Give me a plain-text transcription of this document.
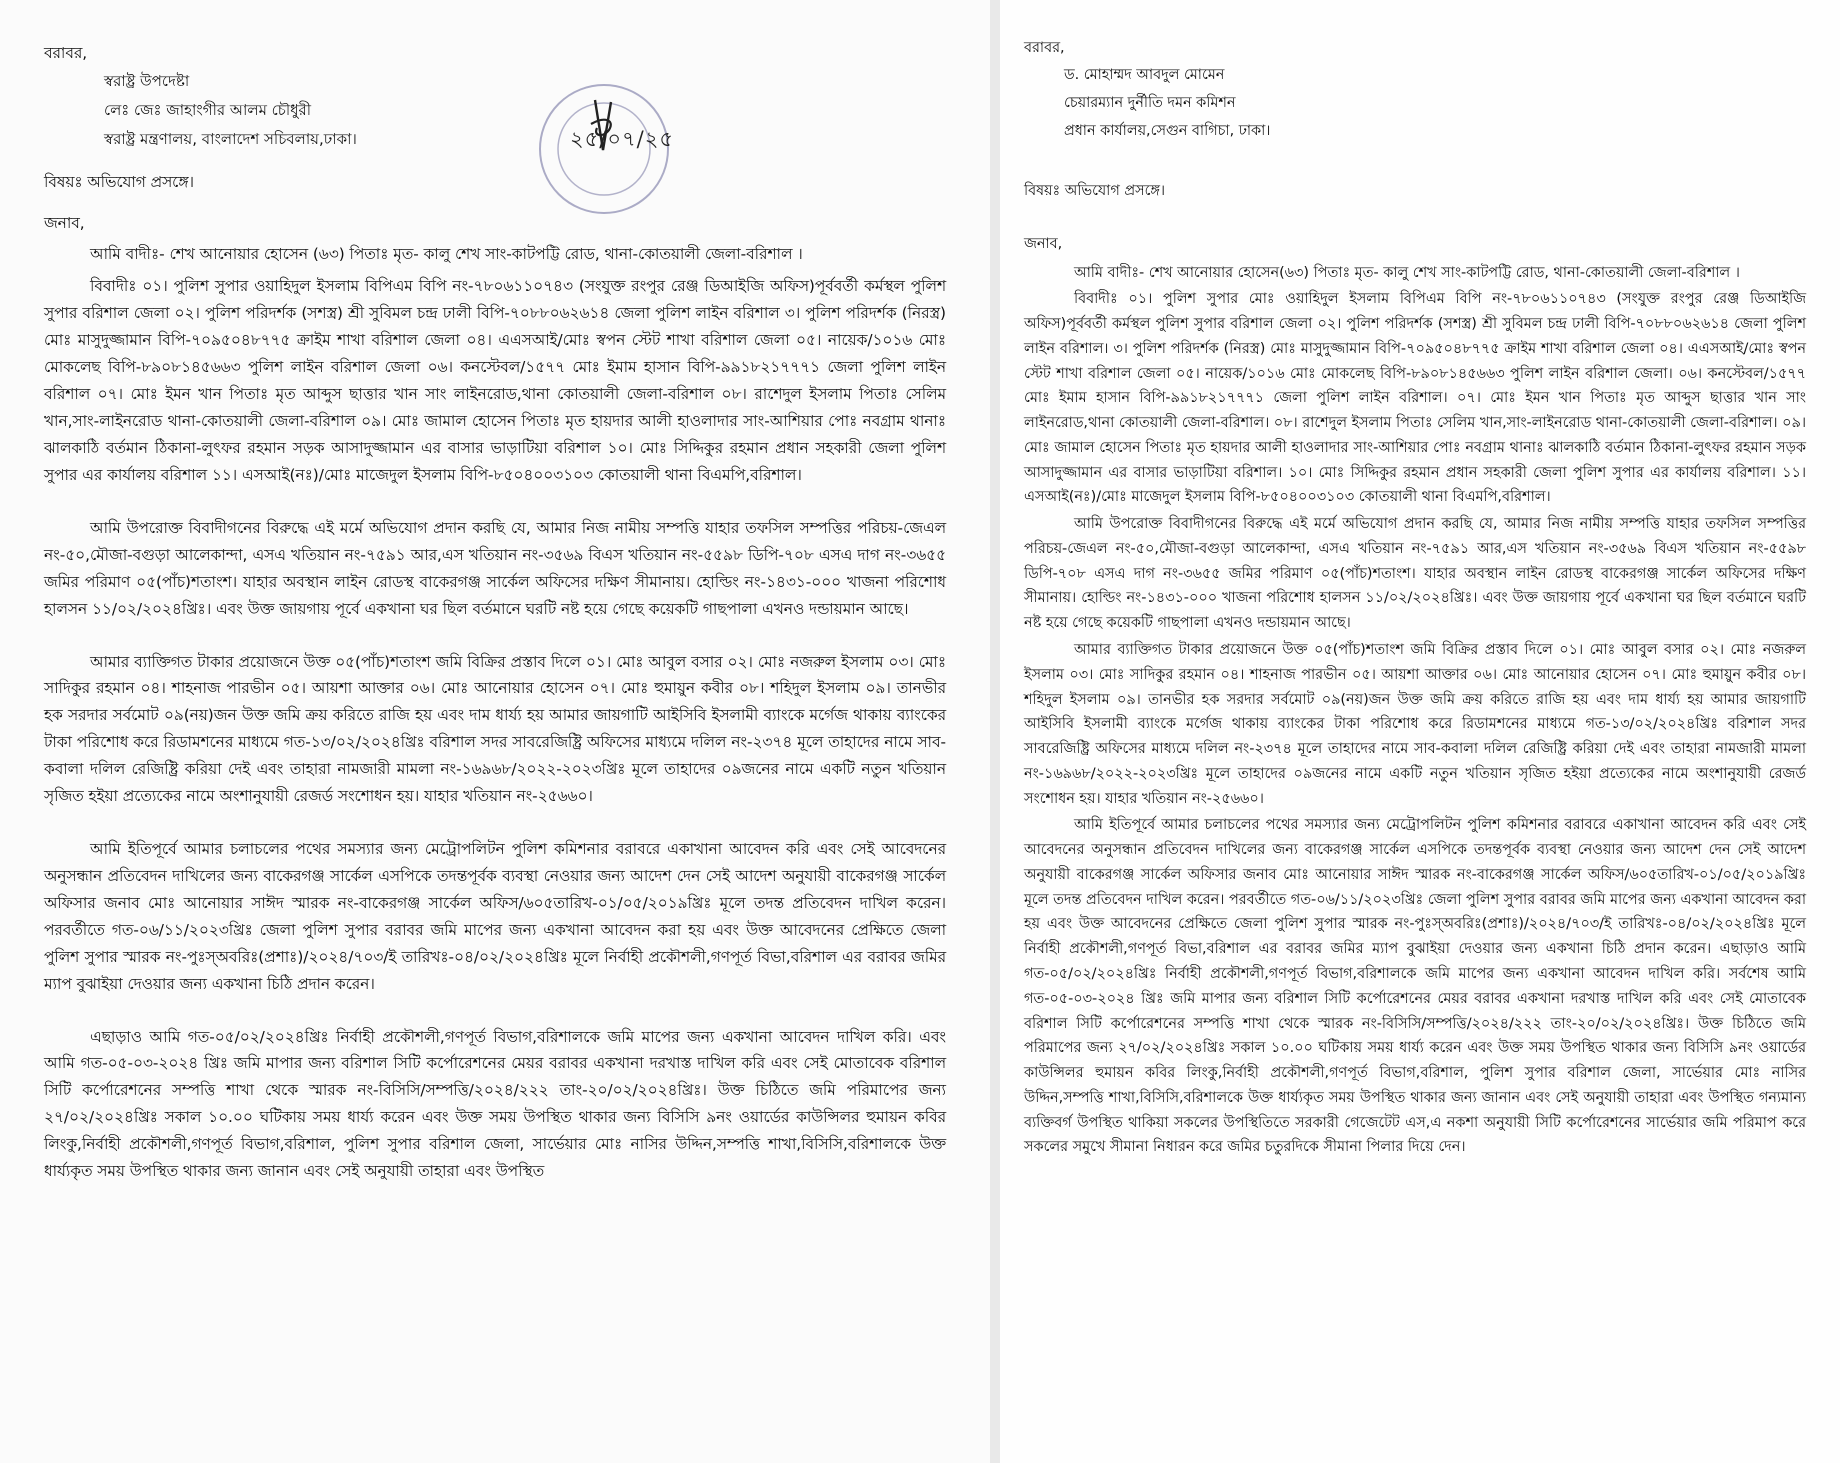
বরাবর,

স্বরাষ্ট্র উপদেষ্টা

লেঃ জেঃ জাহাংগীর আলম চৌধুরী

স্বরাষ্ট্র মন্ত্রণালয়, বাংলাদেশ সচিবলায়,ঢাকা।

বিষয়ঃ অভিযোগ প্রসঙ্গে।

জনাব,

আমি বাদীঃ- শেখ আনোয়ার হোসেন (৬৩) পিতাঃ মৃত- কালু শেখ সাং-কাটপট্টি রোড, থানা-কোতয়ালী জেলা-বরিশাল ।

বিবাদীঃ ০১। পুলিশ সুপার ওয়াহিদুল ইসলাম বিপিএম বিপি নং-৭৮০৬১১০৭৪৩ (সংযুক্ত রংপুর রেঞ্জ ডিআইজি অফিস)পূর্ববর্তী কর্মস্থল পুলিশ সুপার বরিশাল জেলা ০২। পুলিশ পরিদর্শক (সশস্ত্র) শ্রী সুবিমল চন্দ্র ঢালী বিপি-৭০৮৮০৬২৬১৪ জেলা পুলিশ লাইন বরিশাল ৩। পুলিশ পরিদর্শক (নিরস্ত্র) মোঃ মাসুদুজ্জামান বিপি-৭০৯৫০৪৮৭৭৫ ক্রাইম শাখা বরিশাল জেলা ০৪। এএসআই/মোঃ স্বপন স্টেট শাখা বরিশাল জেলা ০৫। নায়েক/১০১৬ মোঃ মোকলেছ বিপি-৮৯০৮১৪৫৬৬৩ পুলিশ লাইন বরিশাল জেলা ০৬। কনস্টেবল/১৫৭৭ মোঃ ইমাম হাসান বিপি-৯৯১৮২১৭৭৭১ জেলা পুলিশ লাইন বরিশাল ০৭। মোঃ ইমন খান পিতাঃ মৃত আব্দুস ছাত্তার খান সাং লাইনরোড,থানা কোতয়ালী জেলা-বরিশাল ০৮। রাশেদুল ইসলাম পিতাঃ সেলিম খান,সাং-লাইনরোড থানা-কোতয়ালী জেলা-বরিশাল ০৯। মোঃ জামাল হোসেন পিতাঃ মৃত হায়দার আলী হাওলাদার সাং-আশিয়ার পোঃ নবগ্রাম থানাঃ ঝালকাঠি বর্তমান ঠিকানা-লুৎফর রহমান সড়ক আসাদুজ্জামান এর বাসার ভাড়াটিয়া বরিশাল ১০। মোঃ সিদ্দিকুর রহমান প্রধান সহকারী জেলা পুলিশ সুপার এর কার্যালয় বরিশাল ১১। এসআই(নঃ)/মোঃ মাজেদুল ইসলাম বিপি-৮৫০৪০০৩১০৩ কোতয়ালী থানা বিএমপি,বরিশাল।

আমি উপরোক্ত বিবাদীগনের বিরুদ্ধে এই মর্মে অভিযোগ প্রদান করছি যে, আমার নিজ নামীয় সম্পত্তি যাহার তফসিল সম্পত্তির পরিচয়-জেএল নং-৫০,মৌজা-বগুড়া আলেকান্দা, এসএ খতিয়ান নং-৭৫৯১ আর,এস খতিয়ান নং-৩৫৬৯ বিএস খতিয়ান নং-৫৫৯৮ ডিপি-৭০৮ এসএ দাগ নং-৩৬৫৫ জমির পরিমাণ ০৫(পাঁচ)শতাংশ। যাহার অবস্থান লাইন রোডস্থ বাকেরগঞ্জ সার্কেল অফিসের দক্ষিণ সীমানায়। হোল্ডিং নং-১৪৩১-০০০ খাজনা পরিশোধ হালসন ১১/০২/২০২৪খ্রিঃ। এবং উক্ত জায়গায় পূর্বে একখানা ঘর ছিল বর্তমানে ঘরটি নষ্ট হয়ে গেছে কয়েকটি গাছপালা এখনও দন্ডায়মান আছে।

আমার ব্যাক্তিগত টাকার প্রয়োজনে উক্ত ০৫(পাঁচ)শতাংশ জমি বিক্রির প্রস্তাব দিলে ০১। মোঃ আবুল বসার ০২। মোঃ নজরুল ইসলাম ০৩। মোঃ সাদিকুর রহমান ০৪। শাহনাজ পারভীন ০৫। আয়শা আক্তার ০৬। মোঃ আনোয়ার হোসেন ০৭। মোঃ হুমায়ুন কবীর ০৮। শহিদুল ইসলাম ০৯। তানভীর হক সরদার সর্বমোট ০৯(নয়)জন উক্ত জমি ক্রয় করিতে রাজি হয় এবং দাম ধার্য্য হয় আমার জায়গাটি আইসিবি ইসলামী ব্যাংকে মর্গেজ থাকায় ব্যাংকের টাকা পরিশোধ করে রিডামশনের মাধ্যমে গত-১৩/০২/২০২৪খ্রিঃ বরিশাল সদর সাবরেজিষ্ট্রি অফিসের মাধ্যমে দলিল নং-২৩৭৪ মূলে তাহাদের নামে সাব-কবালা দলিল রেজিষ্ট্রি করিয়া দেই এবং তাহারা নামজারী মামলা নং-১৬৯৬৮/২০২২-২০২৩খ্রিঃ মূলে তাহাদের ০৯জনের নামে একটি নতুন খতিয়ান সৃজিত হইয়া প্রত্যেকের নামে অংশানুযায়ী রেজর্ড সংশোধন হয়। যাহার খতিয়ান নং-২৫৬৬০।

আমি ইতিপূর্বে আমার চলাচলের পথের সমস্যার জন্য মেট্রোপলিটন পুলিশ কমিশনার বরাবরে একাখানা আবেদন করি এবং সেই আবেদনের অনুসন্ধান প্রতিবেদন দাখিলের জন্য বাকেরগঞ্জ সার্কেল এসপিকে তদন্তপূর্বক ব্যবস্থা নেওয়ার জন্য আদেশ দেন সেই আদেশ অনুযায়ী বাকেরগঞ্জ সার্কেল অফিসার জনাব মোঃ আনোয়ার সাঈদ স্মারক নং-বাকেরগঞ্জ সার্কেল অফিস/৬০৫তারিখ-০১/০৫/২০১৯খ্রিঃ মূলে তদন্ত প্রতিবেদন দাখিল করেন। পরবর্তীতে গত-০৬/১১/২০২৩খ্রিঃ জেলা পুলিশ সুপার বরাবর জমি মাপের জন্য একখানা আবেদন করা হয় এবং উক্ত আবেদনের প্রেক্ষিতে জেলা পুলিশ সুপার স্মারক নং-পুঃস্অবরিঃ(প্রশাঃ)/২০২৪/৭০৩/ই তারিখঃ-০৪/০২/২০২৪খ্রিঃ মূলে নির্বাহী প্রকৌশলী,গণপূর্ত বিভা,বরিশাল এর বরাবর জমির ম্যাপ বুঝাইয়া দেওয়ার জন্য একখানা চিঠি প্রদান করেন।

এছাড়াও আমি গত-০৫/০২/২০২৪খ্রিঃ নির্বাহী প্রকৌশলী,গণপূর্ত বিভাগ,বরিশালকে জমি মাপের জন্য একখানা আবেদন দাখিল করি। এবং আমি গত-০৫-০৩-২০২৪ খ্রিঃ জমি মাপার জন্য বরিশাল সিটি কর্পোরেশনের মেয়র বরাবর একখানা দরখাস্ত দাখিল করি এবং সেই মোতাবেক বরিশাল সিটি কর্পোরেশনের সম্পত্তি শাখা থেকে স্মারক নং-বিসিসি/সম্পত্তি/২০২৪/২২২ তাং-২০/০২/২০২৪খ্রিঃ। উক্ত চিঠিতে জমি পরিমাপের জন্য ২৭/০২/২০২৪খ্রিঃ সকাল ১০.০০ ঘটিকায় সময় ধার্য্য করেন এবং উক্ত সময় উপস্থিত থাকার জন্য বিসিসি ৯নং ওয়ার্ডের কাউন্সিলর হুমায়ন কবির লিংকু,নির্বাহী প্রকৌশলী,গণপূর্ত বিভাগ,বরিশাল, পুলিশ সুপার বরিশাল জেলা, সার্ভেয়ার মোঃ নাসির উদ্দিন,সম্পত্তি শাখা,বিসিসি,বরিশালকে উক্ত ধার্য্যকৃত সময় উপস্থিত থাকার জন্য জানান এবং সেই অনুযায়ী তাহারা এবং উপস্থিত

২৫/০৭/২৫

বরাবর,

ড. মোহাম্মদ আবদুল মোমেন

চেয়ারম্যান দুর্নীতি দমন কমিশন

প্রধান কার্যালয়,সেগুন বাগিচা, ঢাকা।

বিষয়ঃ অভিযোগ প্রসঙ্গে।

জনাব,

আমি বাদীঃ- শেখ আনোয়ার হোসেন(৬৩) পিতাঃ মৃত- কালু শেখ সাং-কাটপট্টি রোড, থানা-কোতয়ালী জেলা-বরিশাল ।

বিবাদীঃ ০১। পুলিশ সুপার মোঃ ওয়াহিদুল ইসলাম বিপিএম বিপি নং-৭৮০৬১১০৭৪৩ (সংযুক্ত রংপুর রেঞ্জ ডিআইজি অফিস)পূর্ববর্তী কর্মস্থল পুলিশ সুপার বরিশাল জেলা ০২। পুলিশ পরিদর্শক (সশস্ত্র) শ্রী সুবিমল চন্দ্র ঢালী বিপি-৭০৮৮০৬২৬১৪ জেলা পুলিশ লাইন বরিশাল। ৩। পুলিশ পরিদর্শক (নিরস্ত্র) মোঃ মাসুদুজ্জামান বিপি-৭০৯৫০৪৮৭৭৫ ক্রাইম শাখা বরিশাল জেলা ০৪। এএসআই/মোঃ স্বপন স্টেট শাখা বরিশাল জেলা ০৫। নায়েক/১০১৬ মোঃ মোকলেছ বিপি-৮৯০৮১৪৫৬৬৩ পুলিশ লাইন বরিশাল জেলা। ০৬। কনস্টেবল/১৫৭৭ মোঃ ইমাম হাসান বিপি-৯৯১৮২১৭৭৭১ জেলা পুলিশ লাইন বরিশাল। ০৭। মোঃ ইমন খান পিতাঃ মৃত আব্দুস ছাত্তার খান সাং লাইনরোড,থানা কোতয়ালী জেলা-বরিশাল। ০৮। রাশেদুল ইসলাম পিতাঃ সেলিম খান,সাং-লাইনরোড থানা-কোতয়ালী জেলা-বরিশাল। ০৯। মোঃ জামাল হোসেন পিতাঃ মৃত হায়দার আলী হাওলাদার সাং-আশিয়ার পোঃ নবগ্রাম থানাঃ ঝালকাঠি বর্তমান ঠিকানা-লুৎফর রহমান সড়ক আসাদুজ্জামান এর বাসার ভাড়াটিয়া বরিশাল। ১০। মোঃ সিদ্দিকুর রহমান প্রধান সহকারী জেলা পুলিশ সুপার এর কার্যালয় বরিশাল। ১১। এসআই(নঃ)/মোঃ মাজেদুল ইসলাম বিপি-৮৫০৪০০৩১০৩ কোতয়ালী থানা বিএমপি,বরিশাল।

আমি উপরোক্ত বিবাদীগনের বিরুদ্ধে এই মর্মে অভিযোগ প্রদান করছি যে, আমার নিজ নামীয় সম্পত্তি যাহার তফসিল সম্পত্তির পরিচয়-জেএল নং-৫০,মৌজা-বগুড়া আলেকান্দা, এসএ খতিয়ান নং-৭৫৯১ আর,এস খতিয়ান নং-৩৫৬৯ বিএস খতিয়ান নং-৫৫৯৮ ডিপি-৭০৮ এসএ দাগ নং-৩৬৫৫ জমির পরিমাণ ০৫(পাঁচ)শতাংশ। যাহার অবস্থান লাইন রোডস্থ বাকেরগঞ্জ সার্কেল অফিসের দক্ষিণ সীমানায়। হোল্ডিং নং-১৪৩১-০০০ খাজনা পরিশোধ হালসন ১১/০২/২০২৪খ্রিঃ। এবং উক্ত জায়গায় পূর্বে একখানা ঘর ছিল বর্তমানে ঘরটি নষ্ট হয়ে গেছে কয়েকটি গাছপালা এখনও দন্ডায়মান আছে।

আমার ব্যাক্তিগত টাকার প্রয়োজনে উক্ত ০৫(পাঁচ)শতাংশ জমি বিক্রির প্রস্তাব দিলে ০১। মোঃ আবুল বসার ০২। মোঃ নজরুল ইসলাম ০৩। মোঃ সাদিকুর রহমান ০৪। শাহনাজ পারভীন ০৫। আয়শা আক্তার ০৬। মোঃ আনোয়ার হোসেন ০৭। মোঃ হুমায়ুন কবীর ০৮। শহিদুল ইসলাম ০৯। তানভীর হক সরদার সর্বমোট ০৯(নয়)জন উক্ত জমি ক্রয় করিতে রাজি হয় এবং দাম ধার্য্য হয় আমার জায়গাটি আইসিবি ইসলামী ব্যাংকে মর্গেজ থাকায় ব্যাংকের টাকা পরিশোধ করে রিডামশনের মাধ্যমে গত-১৩/০২/২০২৪খ্রিঃ বরিশাল সদর সাবরেজিষ্ট্রি অফিসের মাধ্যমে দলিল নং-২৩৭৪ মূলে তাহাদের নামে সাব-কবালা দলিল রেজিষ্ট্রি করিয়া দেই এবং তাহারা নামজারী মামলা নং-১৬৯৬৮/২০২২-২০২৩খ্রিঃ মূলে তাহাদের ০৯জনের নামে একটি নতুন খতিয়ান সৃজিত হইয়া প্রত্যেকের নামে অংশানুযায়ী রেজর্ড সংশোধন হয়। যাহার খতিয়ান নং-২৫৬৬০।

আমি ইতিপূর্বে আমার চলাচলের পথের সমস্যার জন্য মেট্রোপলিটন পুলিশ কমিশনার বরাবরে একাখানা আবেদন করি এবং সেই আবেদনের অনুসন্ধান প্রতিবেদন দাখিলের জন্য বাকেরগঞ্জ সার্কেল এসপিকে তদন্তপূর্বক ব্যবস্থা নেওয়ার জন্য আদেশ দেন সেই আদেশ অনুযায়ী বাকেরগঞ্জ সার্কেল অফিসার জনাব মোঃ আনোয়ার সাঈদ স্মারক নং-বাকেরগঞ্জ সার্কেল অফিস/৬০৫তারিখ-০১/০৫/২০১৯খ্রিঃ মূলে তদন্ত প্রতিবেদন দাখিল করেন। পরবর্তীতে গত-০৬/১১/২০২৩খ্রিঃ জেলা পুলিশ সুপার বরাবর জমি মাপের জন্য একখানা আবেদন করা হয় এবং উক্ত আবেদনের প্রেক্ষিতে জেলা পুলিশ সুপার স্মারক নং-পুঃস্অবরিঃ(প্রশাঃ)/২০২৪/৭০৩/ই তারিখঃ-০৪/০২/২০২৪খ্রিঃ মূলে নির্বাহী প্রকৌশলী,গণপূর্ত বিভা,বরিশাল এর বরাবর জমির ম্যাপ বুঝাইয়া দেওয়ার জন্য একখানা চিঠি প্রদান করেন। এছাড়াও আমি গত-০৫/০২/২০২৪খ্রিঃ নির্বাহী প্রকৌশলী,গণপূর্ত বিভাগ,বরিশালকে জমি মাপের জন্য একখানা আবেদন দাখিল করি। সর্বশেষ আমি গত-০৫-০৩-২০২৪ খ্রিঃ জমি মাপার জন্য বরিশাল সিটি কর্পোরেশনের মেয়র বরাবর একখানা দরখাস্ত দাখিল করি এবং সেই মোতাবেক বরিশাল সিটি কর্পোরেশনের সম্পত্তি শাখা থেকে স্মারক নং-বিসিসি/সম্পত্তি/২০২৪/২২২ তাং-২০/০২/২০২৪খ্রিঃ। উক্ত চিঠিতে জমি পরিমাপের জন্য ২৭/০২/২০২৪খ্রিঃ সকাল ১০.০০ ঘটিকায় সময় ধার্য্য করেন এবং উক্ত সময় উপস্থিত থাকার জন্য বিসিসি ৯নং ওয়ার্ডের কাউন্সিলর হুমায়ন কবির লিংকু,নির্বাহী প্রকৌশলী,গণপূর্ত বিভাগ,বরিশাল, পুলিশ সুপার বরিশাল জেলা, সার্ভেয়ার মোঃ নাসির উদ্দিন,সম্পত্তি শাখা,বিসিসি,বরিশালকে উক্ত ধার্য্যকৃত সময় উপস্থিত থাকার জন্য জানান এবং সেই অনুযায়ী তাহারা এবং উপস্থিত গন্যমান্য ব্যক্তিবর্গ উপস্থিত থাকিয়া সকলের উপস্থিতিতে সরকারী গেজেটেট এস,এ নকশা অনুযায়ী সিটি কর্পোরেশনের সার্ভেয়ার জমি পরিমাপ করে সকলের সমুখে সীমানা নিধারন করে জমির চতুরদিকে সীমানা পিলার দিয়ে দেন।
